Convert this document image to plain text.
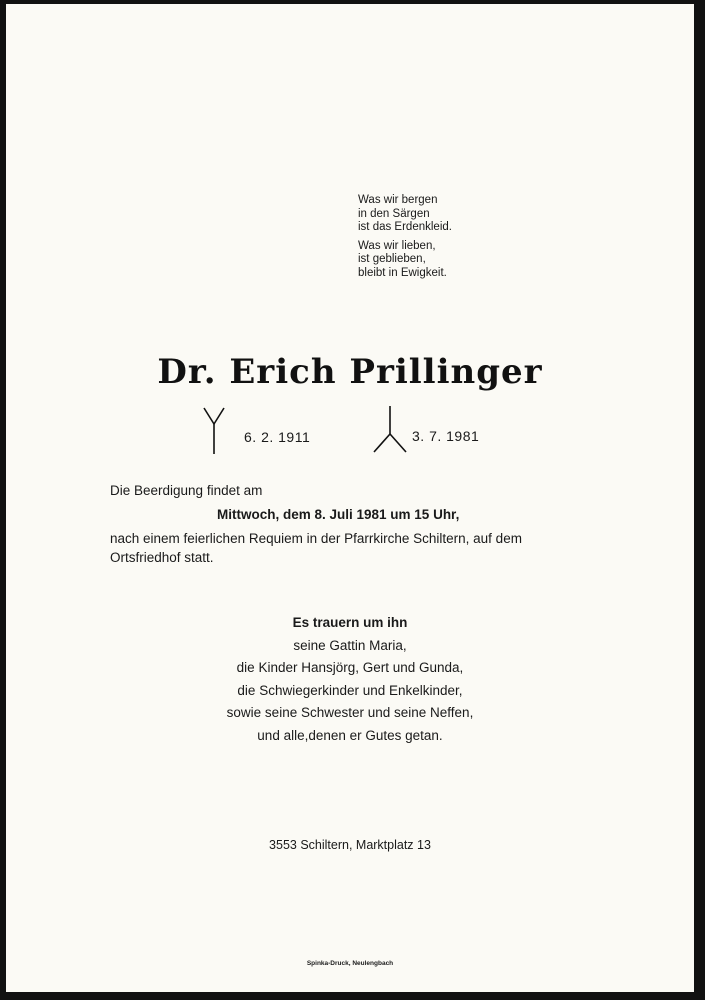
Was wir bergen
in den Särgen
ist das Erdenkleid.
Was wir lieben,
ist geblieben,
bleibt in Ewigkeit.
Dr. Erich Prillinger
6. 2. 1911	3. 7. 1981
Die Beerdigung findet am
Mittwoch, dem 8. Juli 1981 um 15 Uhr,
nach einem feierlichen Requiem in der Pfarrkirche Schiltern, auf dem
Ortsfriedhof statt.
Es trauern um ihn
seine Gattin Maria,
die Kinder Hansjörg, Gert und Gunda,
die Schwiegerkinder und Enkelkinder,
sowie seine Schwester und seine Neffen,
und alle,denen er Gutes getan.
3553 Schiltern, Marktplatz 13
Spinka-Druck, Neulengbach
